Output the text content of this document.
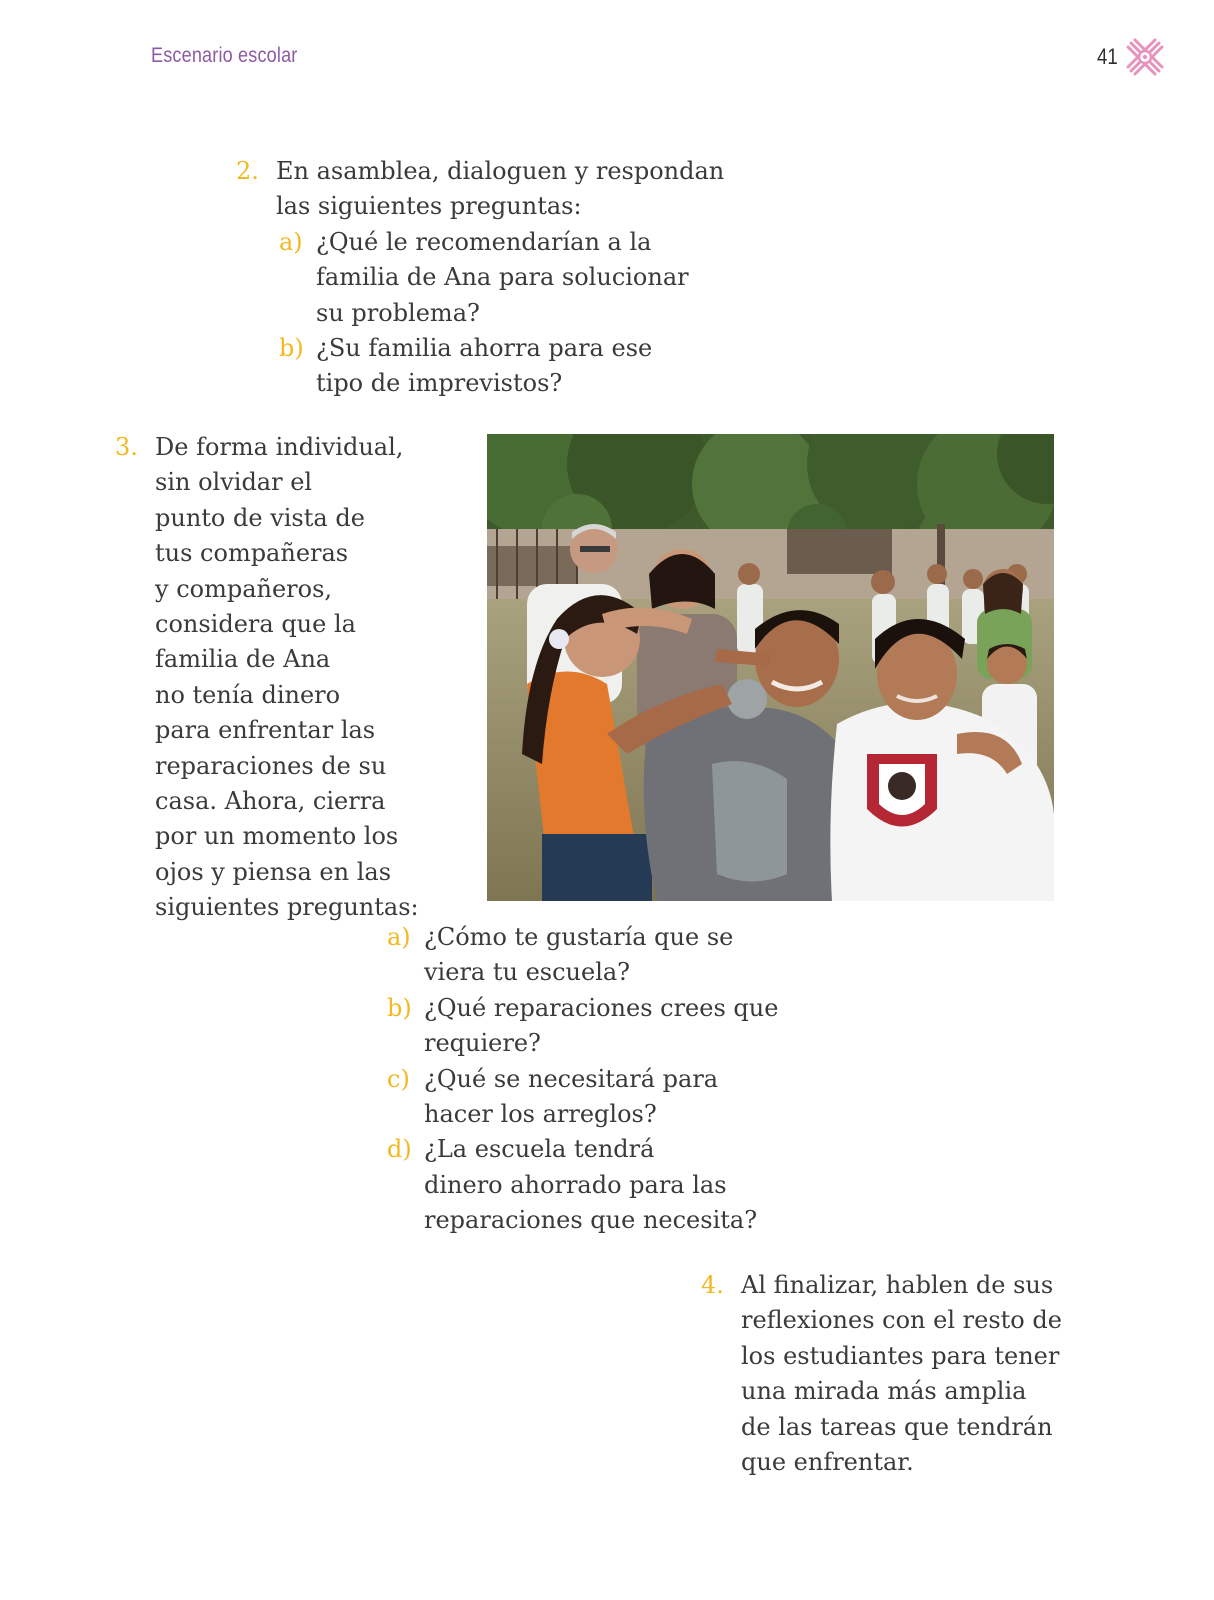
Escenario escolar	41
2. En asamblea, dialoguen y respondan
las siguientes preguntas:
a) ¿Qué le recomendarían a la
familia de Ana para solucionar
su problema?
b) ¿Su familia ahorra para ese
tipo de imprevistos?
3. De forma individual,
sin olvidar el
punto de vista de
tus compañeras
y compañeros,
considera que la
familia de Ana
no tenía dinero
para enfrentar las
reparaciones de su
casa. Ahora, cierra
por un momento los
ojos y piensa en las
siguientes preguntas:
a) ¿Cómo te gustaría que se
viera tu escuela?
b) ¿Qué reparaciones crees que
requiere?
c) ¿Qué se necesitará para
hacer los arreglos?
d) ¿La escuela tendrá
dinero ahorrado para las
reparaciones que necesita?
4. Al finalizar, hablen de sus
reflexiones con el resto de
los estudiantes para tener
una mirada más amplia
de las tareas que tendrán
que enfrentar.
